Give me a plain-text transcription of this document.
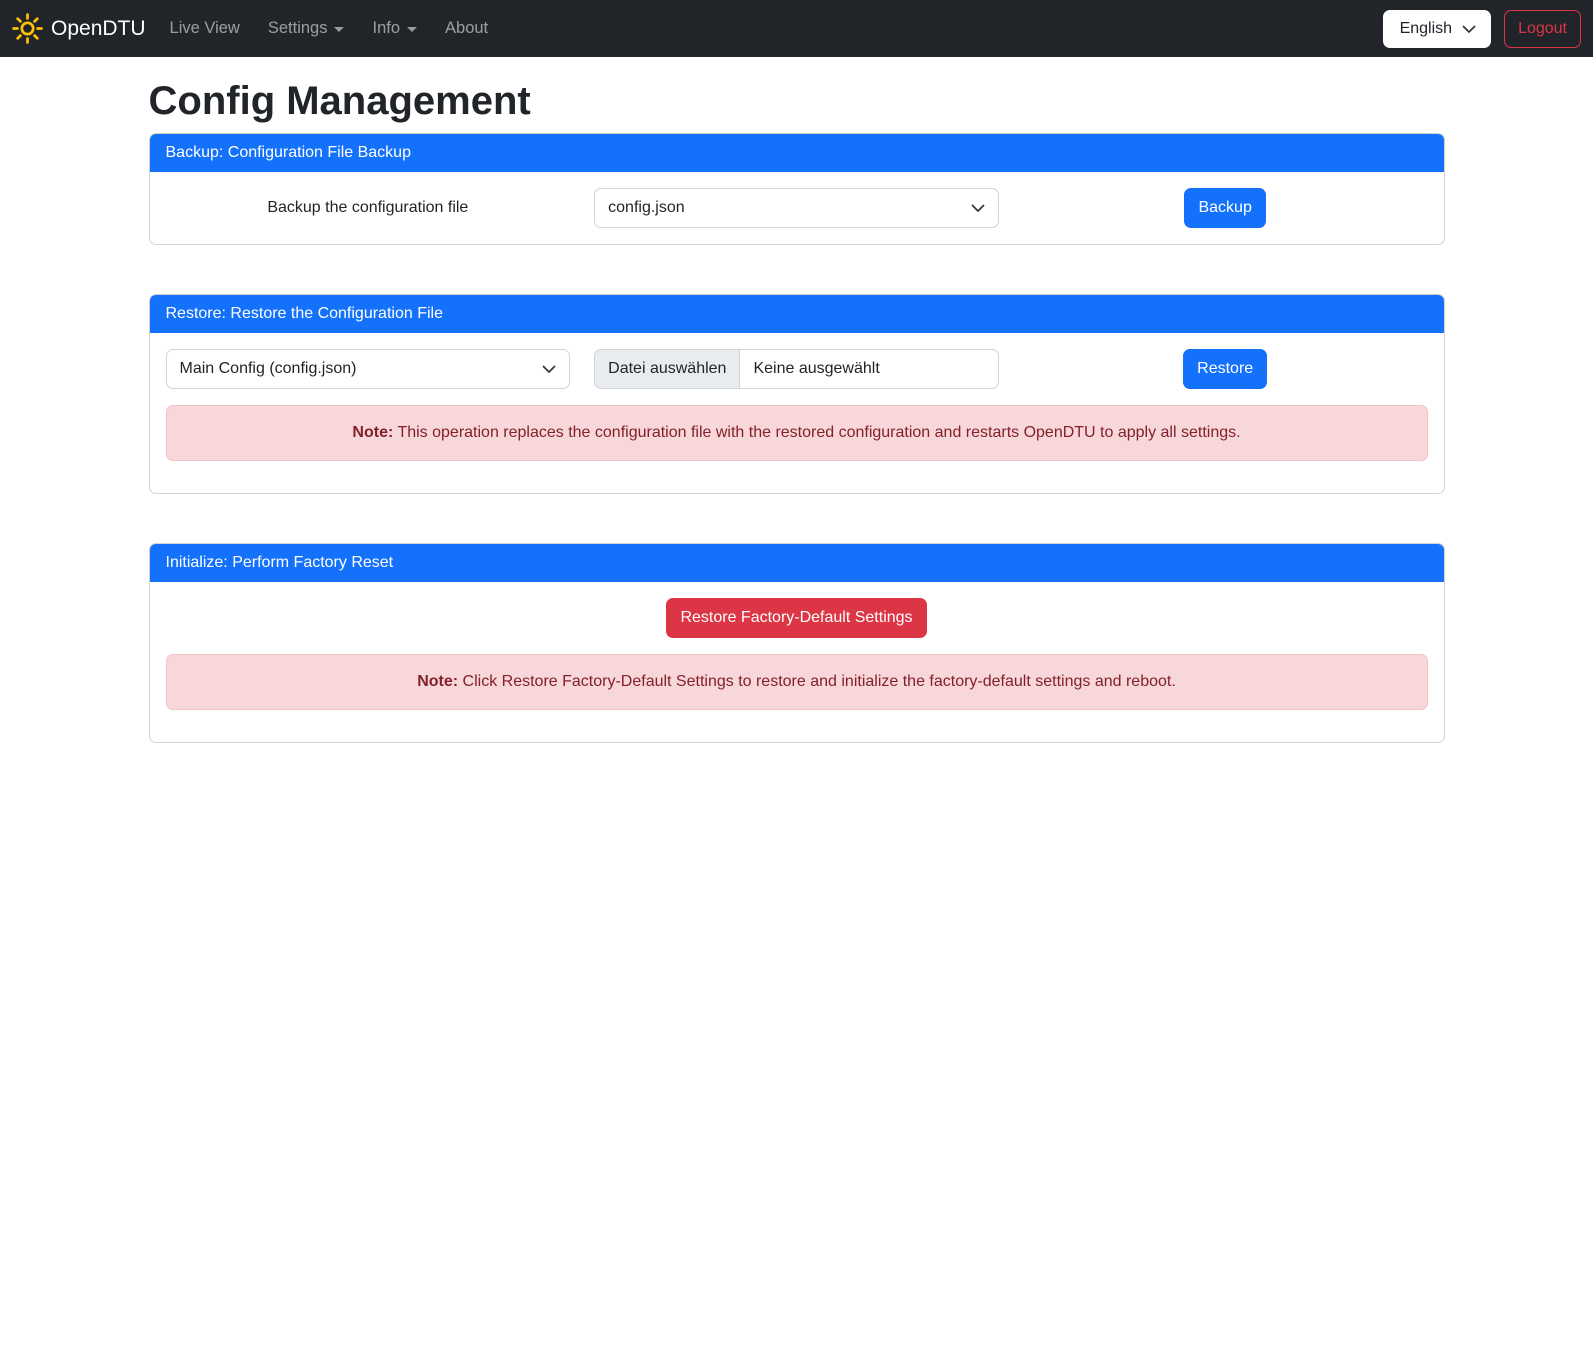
OpenDTU Live View Settings	Info	About	English	Logout
Config Management
Backup: Configuration File Backup
Backup the configuration file	config.json	Backup
Restore: Restore the Configuration File
Main Config (config.json)	Datei auswählen	Keine ausgewählt	Restore
Note: This operation replaces the configuration file with the restored configuration and restarts OpenDTU to apply all settings.
Initialize: Perform Factory Reset
Restore Factory-Default Settings
Note: Click Restore Factory-Default Settings to restore and initialize the factory-default settings and reboot.
